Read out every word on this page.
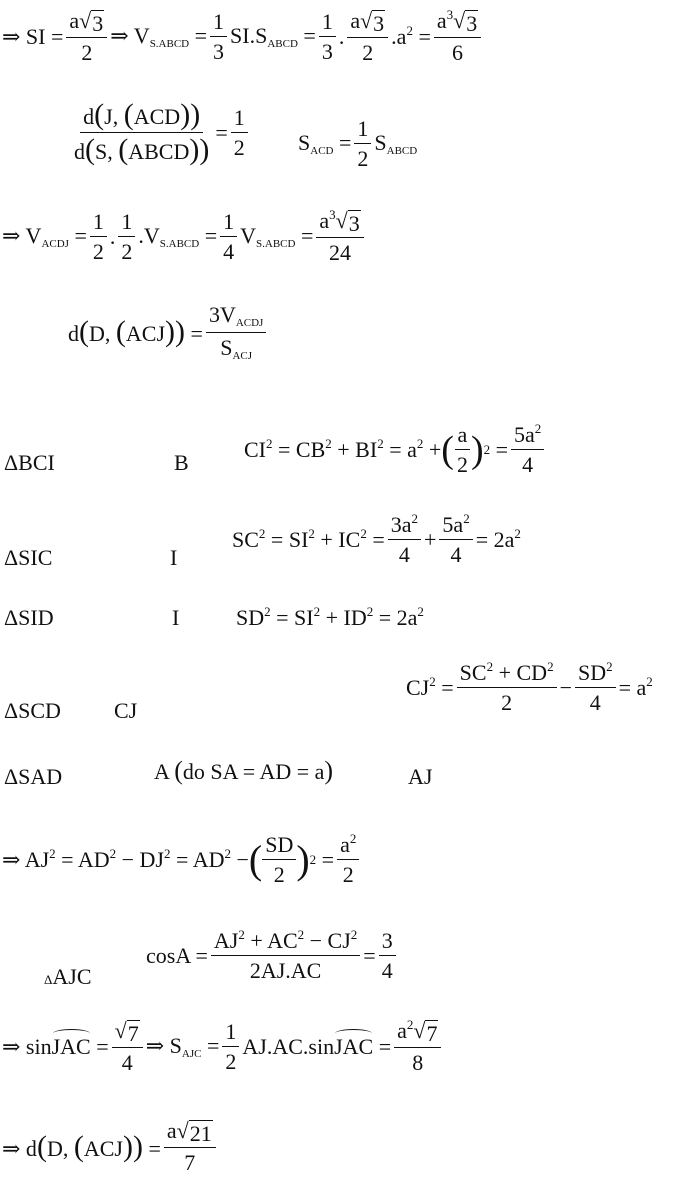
⇒ SI = $\frac{a √ 3}{2}$ ⇒ $V_{S.ABCD} = \frac{1}{3} SI.S_{ABCD} = \frac{1}{3}$ . $\frac{a √ 3}{2} .a^2 = \frac{a^3 √ 3}{6}$
$\frac{\text{d(J, (ACD))}}{\text{d(S, (ABCD))}} = \frac{1}{2} S_{ACD} = \frac{1}{2} S_{ABCD}$
⇒ $V_{ACDJ} = \frac{1}{2}$ . $\frac{1}{2} .V_{S.ABCD} = \frac{1}{4} V_{S.ABCD} = \frac{a^3 √ 3}{24}$
d(D, $(ACJ)) = \frac{3V_{ACDJ}}{S_{ACJ}}$
ΔBCI	B
$CI^2 = CB^2 + BI^2 = a^2$ + ( $\frac{a}{2}$ ) $2 = \frac{5a^2}{4}$
ΔSIC	I
$SC^2 = SI^2 + IC^2 = \frac{3a^2}{4} + \frac{5a^2}{4} = 2a^2$
ΔSID	I	$SD^2 = SI^2 + ID^2 = 2a^2$
ΔSCD CJ
$CJ^2 = \frac{SC^2 + CD^2}{2} - \frac{SD^2}{4} = a^2$
ΔSAD	A (do SA = AD = a)	AJ
⇒ $AJ^2 = AD^2 - DJ^2 = AD^2$ − ( $\frac{SD}{2}$ ) $2 = \frac{a^2}{2}$
ΔAJC
$\cos A = \frac{AJ^2 + AC^2 - CJ^2}{2AJ.AC} = \frac{3}{4}$
⇒ sinJAC = $\frac{√ 7}{4}$ ⇒ $S_{AJC} = \frac{1}{2}$ AJ.AC.sinJAC = $\frac{a^2 √ 7}{8}$
⇒ d(D, $(ACJ)) = \frac{a √ 21}{7}$
